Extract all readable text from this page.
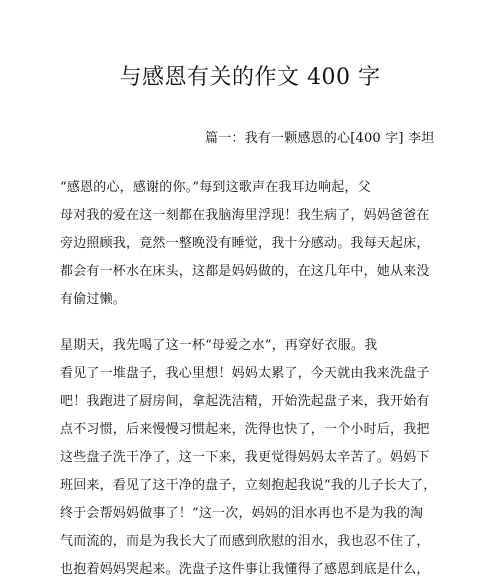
与感恩有关的作文 400 字
篇一：我有一颗感恩的心[400 字] 李坦

“感恩的心，感谢的你。”每到这歌声在我耳边响起，父
母对我的爱在这一刻都在我脑海里浮现！我生病了，妈妈爸爸在
旁边照顾我，竟然一整晚没有睡觉，我十分感动。我每天起床，
都会有一杯水在床头，这都是妈妈做的，在这几年中，她从来没
有偷过懒。

星期天，我先喝了这一杯“母爱之水”，再穿好衣服。我
看见了一堆盘子，我心里想！妈妈太累了，今天就由我来洗盘子
吧！我跑进了厨房间，拿起洗洁精，开始洗起盘子来，我开始有
点不习惯，后来慢慢习惯起来，洗得也快了，一个小时后，我把
这些盘子洗干净了，这一下来，我更觉得妈妈太辛苦了。妈妈下
班回来，看见了这干净的盘子，立刻抱起我说“我的儿子长大了，
终于会帮妈妈做事了！”这一次，妈妈的泪水再也不是为我的淘
气而流的，而是为我长大了而感到欣慰的泪水，我也忍不住了，
也抱着妈妈哭起来。洗盘子这件事让我懂得了感恩到底是什么，
